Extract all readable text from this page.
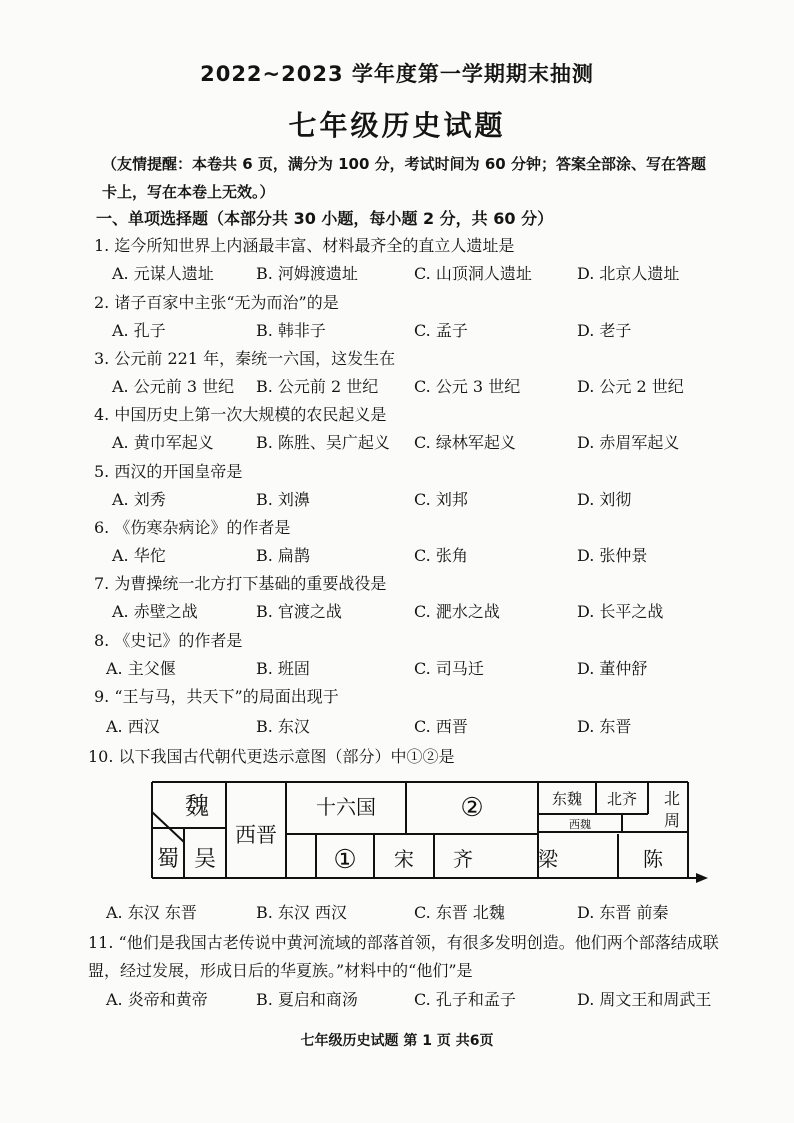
2022~2023 学年度第一学期期末抽测
七年级历史试题
（友情提醒：本卷共 6 页，满分为 100 分，考试时间为 60 分钟；答案全部涂、写在答题卡上，写在本卷上无效。）
一、单项选择题（本部分共 30 小题，每小题 2 分，共 60 分）
1. 迄今所知世界上内涵最丰富、材料最齐全的直立人遗址是
A. 元谋人遗址	B. 河姆渡遗址	C. 山顶洞人遗址	D. 北京人遗址
2. 诸子百家中主张“无为而治”的是
A. 孔子	B. 韩非子	C. 孟子	D. 老子
3. 公元前 221 年，秦统一六国，这发生在
A. 公元前 3 世纪 B. 公元前 2 世纪 C. 公元 3 世纪	D. 公元 2 世纪
4. 中国历史上第一次大规模的农民起义是
A. 黄巾军起义	B. 陈胜、吴广起义 C. 绿林军起义	D. 赤眉军起义
5. 西汉的开国皇帝是
A. 刘秀	B. 刘濞	C. 刘邦	D. 刘彻
6. 《伤寒杂病论》的作者是
A. 华佗	B. 扁鹊	C. 张角	D. 张仲景
7. 为曹操统一北方打下基础的重要战役是
A. 赤壁之战	B. 官渡之战	C. 淝水之战	D. 长平之战
8. 《史记》的作者是
A. 主父偃	B. 班固	C. 司马迁	D. 董仲舒
9. “王与马，共天下”的局面出现于
A. 西汉	B. 东汉	C. 西晋	D. 东晋
10. 以下我国古代朝代更迭示意图（部分）中①②是
魏
蜀 吴
西晋
十六国	②	东魏 北齐 北
周
西魏
① 宋 齐	梁	陈
A. 东汉 东晋	B. 东汉 西汉	C. 东晋 北魏	D. 东晋 前秦
11. “他们是我国古老传说中黄河流域的部落首领，有很多发明创造。他们两个部落结成联盟，经过发展，形成日后的华夏族。”材料中的“他们”是
A. 炎帝和黄帝	B. 夏启和商汤	C. 孔子和孟子	D. 周文王和周武王
七年级历史试题 第 1 页 共6页
